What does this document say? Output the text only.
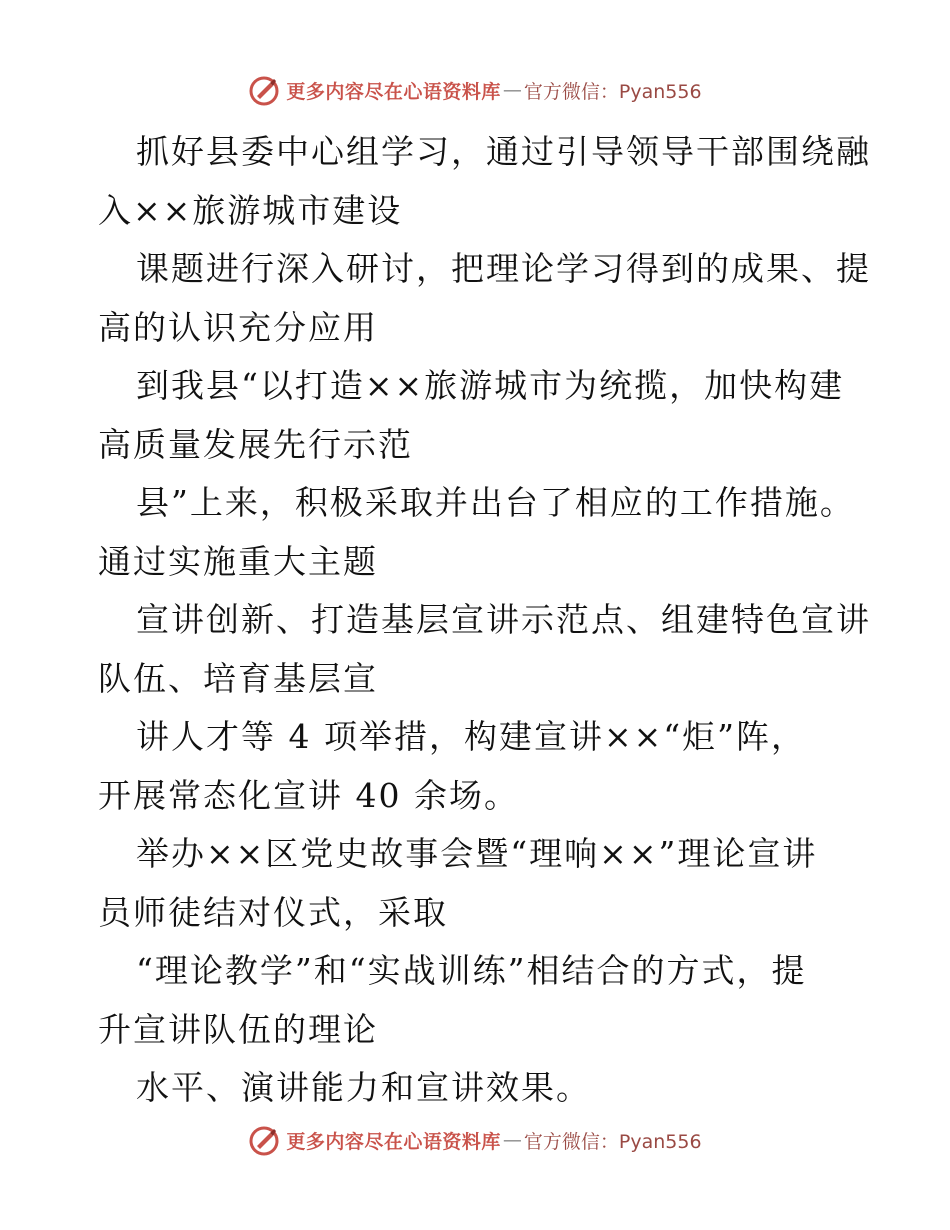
更多内容尽在心语资料库 — 官方微信：Pyan556
抓好县委中心组学习，通过引导领导干部围绕融
入××旅游城市建设
课题进行深入研讨，把理论学习得到的成果、提
高的认识充分应用
到我县“以打造××旅游城市为统揽，加快构建
高质量发展先行示范
县”上来，积极采取并出台了相应的工作措施。
通过实施重大主题
宣讲创新、打造基层宣讲示范点、组建特色宣讲
队伍、培育基层宣
讲人才等 4 项举措，构建宣讲××“炬”阵，
开展常态化宣讲 40 余场。
举办××区党史故事会暨“理响××”理论宣讲
员师徒结对仪式，采取
“理论教学”和“实战训练”相结合的方式，提
升宣讲队伍的理论
水平、演讲能力和宣讲效果。
更多内容尽在心语资料库 — 官方微信：Pyan556
